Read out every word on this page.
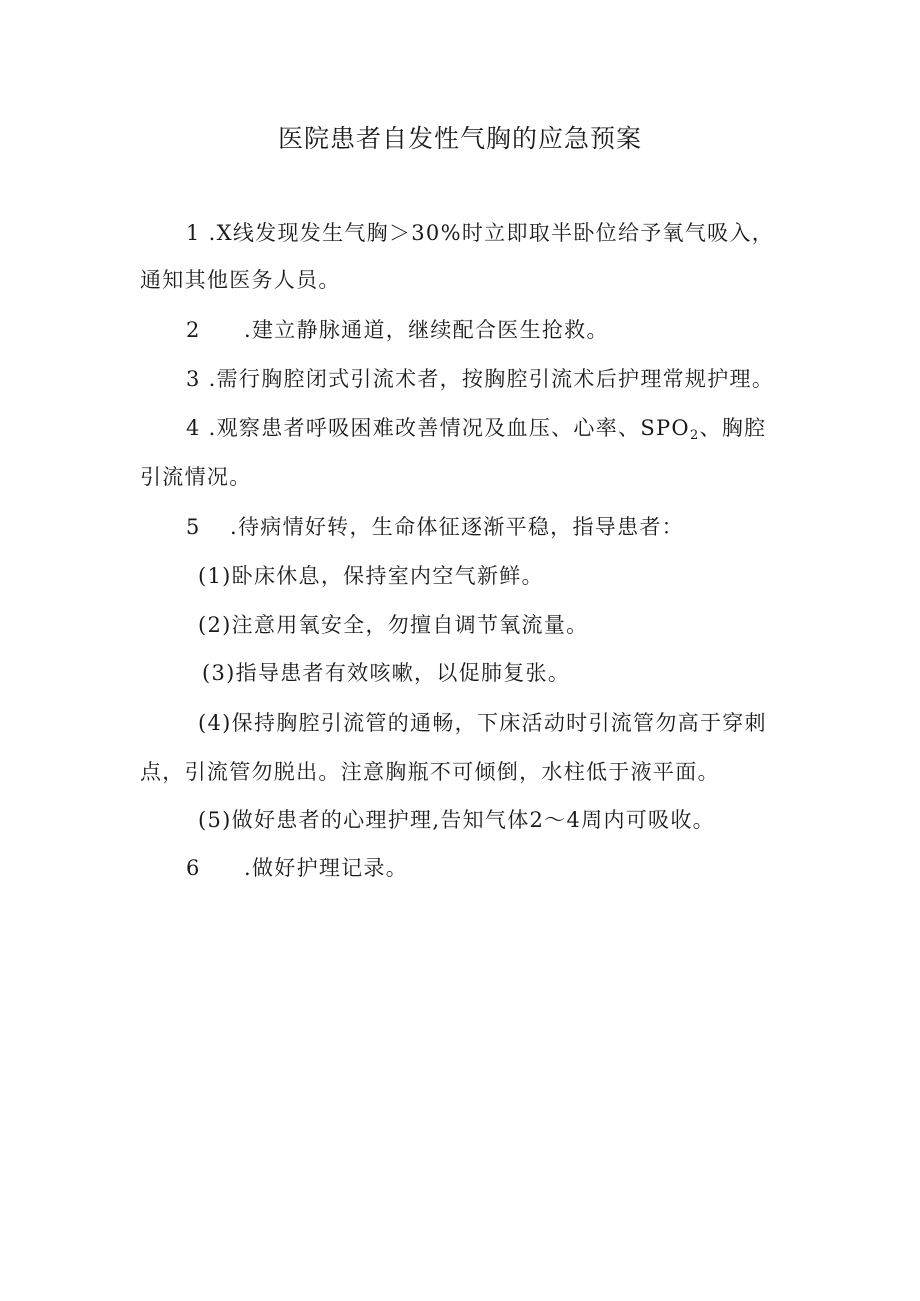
医院患者自发性气胸的应急预案
1 .X线发现发生气胸＞30%时立即取半卧位给予氧气吸入，
通知其他医务人员。
2 .建立静脉通道，继续配合医生抢救。
3 .需行胸腔闭式引流术者，按胸腔引流术后护理常规护理。
4 .观察患者呼吸困难改善情况及血压、心率、$SPO_2$、胸腔
引流情况。
5 .待病情好转，生命体征逐渐平稳，指导患者：
(1)卧床休息，保持室内空气新鲜。
(2)注意用氧安全，勿擅自调节氧流量。
(3)指导患者有效咳嗽，以促肺复张。
(4)保持胸腔引流管的通畅，下床活动时引流管勿高于穿刺
点，引流管勿脱出。注意胸瓶不可倾倒，水柱低于液平面。
(5)做好患者的心理护理,告知气体2～4周内可吸收。
6 .做好护理记录。
